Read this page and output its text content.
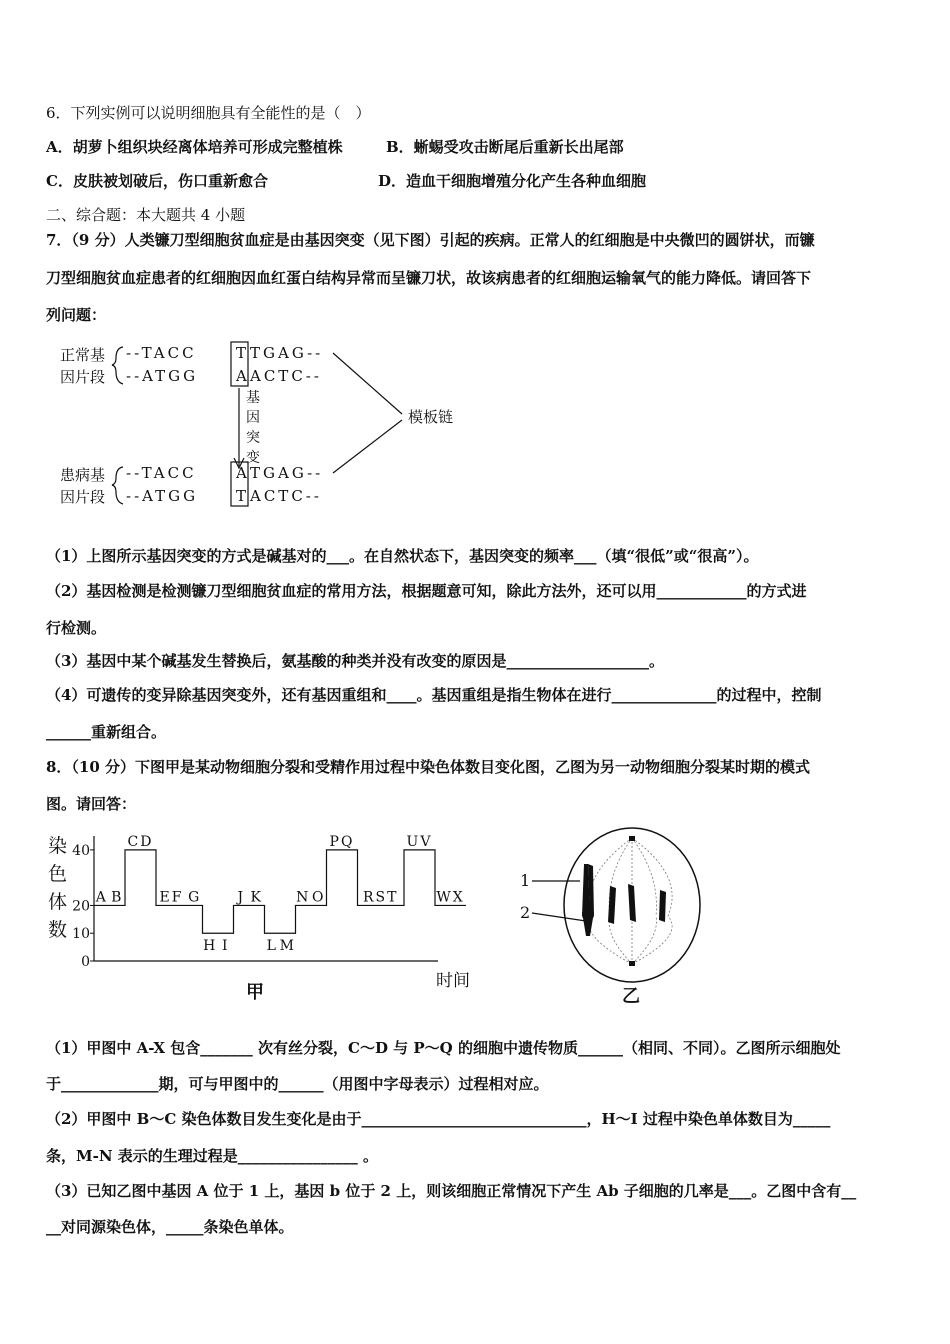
6．下列实例可以说明细胞具有全能性的是（　）
A．胡萝卜组织块经离体培养可形成完整植株	B．蜥蜴受攻击断尾后重新长出尾部
C．皮肤被划破后，伤口重新愈合	D．造血干细胞增殖分化产生各种血细胞
二、综合题：本大题共 4 小题
7．（9 分）人类镰刀型细胞贫血症是由基因突变（见下图）引起的疾病。正常人的红细胞是中央微凹的圆饼状，而镰
刀型细胞贫血症患者的红细胞因血红蛋白结构异常而呈镰刀状，故该病患者的红细胞运输氧气的能力降低。请回答下
列问题：
正常基
因片段
--TACC	T TGAG--
--ATGG	A ACTC--
基
因
突
变
患病基
因片段
--TACC	A TGAG--
--ATGG	T ACTC--
模板链
（1）上图所示基因突变的方式是碱基对的___。在自然状态下，基因突变的频率___（填“很低”或“很高”）。
（2）基因检测是检测镰刀型细胞贫血症的常用方法，根据题意可知，除此方法外，还可以用____________的方式进
行检测。
（3）基因中某个碱基发生替换后，氨基酸的种类并没有改变的原因是___________________。
（4）可遗传的变异除基因突变外，还有基因重组和____。基因重组是指生物体在进行______________的过程中，控制
______重新组合。
8．（10 分）下图甲是某动物细胞分裂和受精作用过程中染色体数目变化图，乙图为另一动物细胞分裂某时期的模式
图。请回答：
染
色
体
数
0
10
20
40
A B
CD
EF G
H I
J K
L M
N O
PQ
RST
UV
WX
时间
甲
1
2
乙
（1）甲图中 A-X 包含_______ 次有丝分裂，C～D 与 P～Q 的细胞中遗传物质______（相同、不同）。乙图所示细胞处
于_____________期，可与甲图中的______（用图中字母表示）过程相对应。
（2）甲图中 B～C 染色体数目发生变化是由于______________________________，H～I 过程中染色单体数目为_____
条，M-N 表示的生理过程是________________ 。
（3）已知乙图中基因 A 位于 1 上，基因 b 位于 2 上，则该细胞正常情况下产生 Ab 子细胞的几率是___。乙图中含有__
__对同源染色体，_____条染色单体。
